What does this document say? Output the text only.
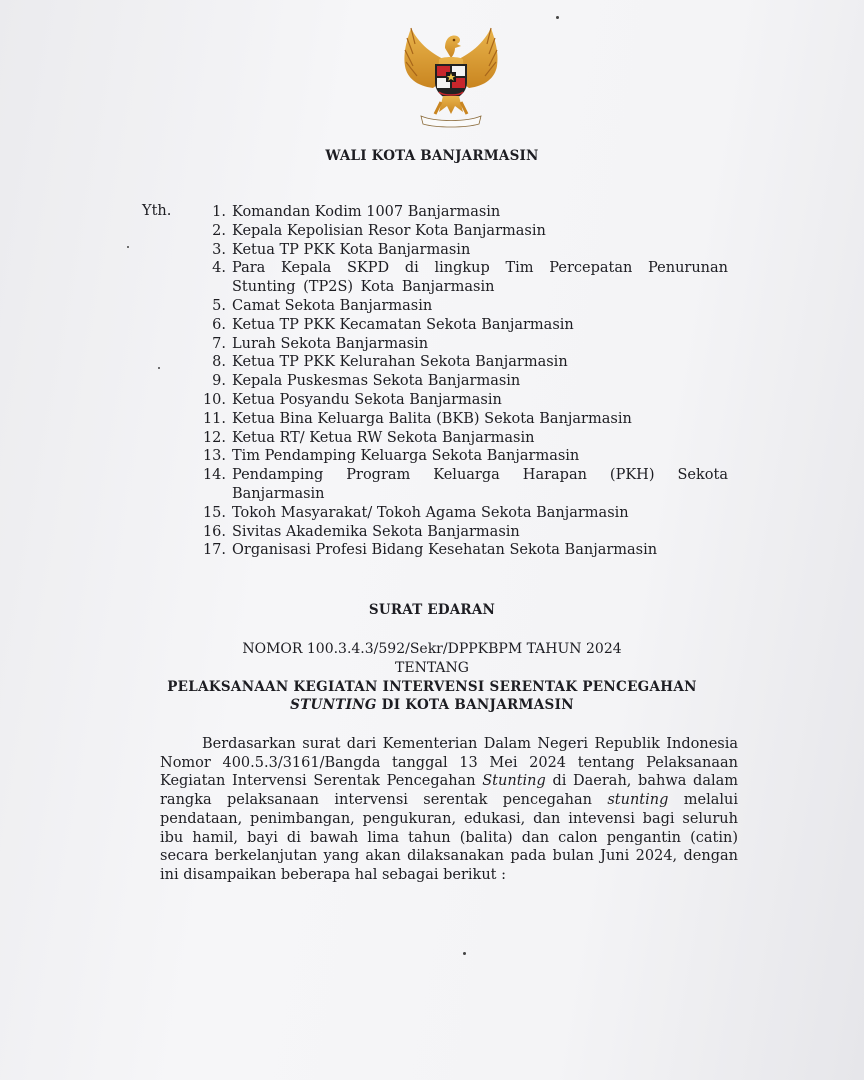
WALI KOTA BANJARMASIN
Yth.	1. Komandan Kodim 1007 Banjarmasin
2. Kepala Kepolisian Resor Kota Banjarmasin
3. Ketua TP PKK Kota Banjarmasin
4. Para Kepala SKPD di lingkup Tim Percepatan Penurunan Stunting (TP2S) Kota Banjarmasin
5. Camat Sekota Banjarmasin
6. Ketua TP PKK Kecamatan Sekota Banjarmasin
7. Lurah Sekota Banjarmasin
8. Ketua TP PKK Kelurahan Sekota Banjarmasin
9. Kepala Puskesmas Sekota Banjarmasin
10. Ketua Posyandu Sekota Banjarmasin
11. Ketua Bina Keluarga Balita (BKB) Sekota Banjarmasin
12. Ketua RT/ Ketua RW Sekota Banjarmasin
13. Tim Pendamping Keluarga Sekota Banjarmasin
14. Pendamping Program Keluarga Harapan (PKH) Sekota Banjarmasin
15. Tokoh Masyarakat/ Tokoh Agama Sekota Banjarmasin
16. Sivitas Akademika Sekota Banjarmasin
17. Organisasi Profesi Bidang Kesehatan Sekota Banjarmasin
SURAT EDARAN
NOMOR 100.3.4.3/592/Sekr/DPPKBPM TAHUN 2024
TENTANG
PELAKSANAAN KEGIATAN INTERVENSI SERENTAK PENCEGAHAN
STUNTING DI KOTA BANJARMASIN

Berdasarkan surat dari Kementerian Dalam Negeri Republik Indonesia Nomor 400.5.3/3161/Bangda tanggal 13 Mei 2024 tentang Pelaksanaan Kegiatan Intervensi Serentak Pencegahan Stunting di Daerah, bahwa dalam rangka pelaksanaan intervensi serentak pencegahan stunting melalui pendataan, penimbangan, pengukuran, edukasi, dan intevensi bagi seluruh ibu hamil, bayi di bawah lima tahun (balita) dan calon pengantin (catin) secara berkelanjutan yang akan dilaksanakan pada bulan Juni 2024, dengan ini disampaikan beberapa hal sebagai berikut :
